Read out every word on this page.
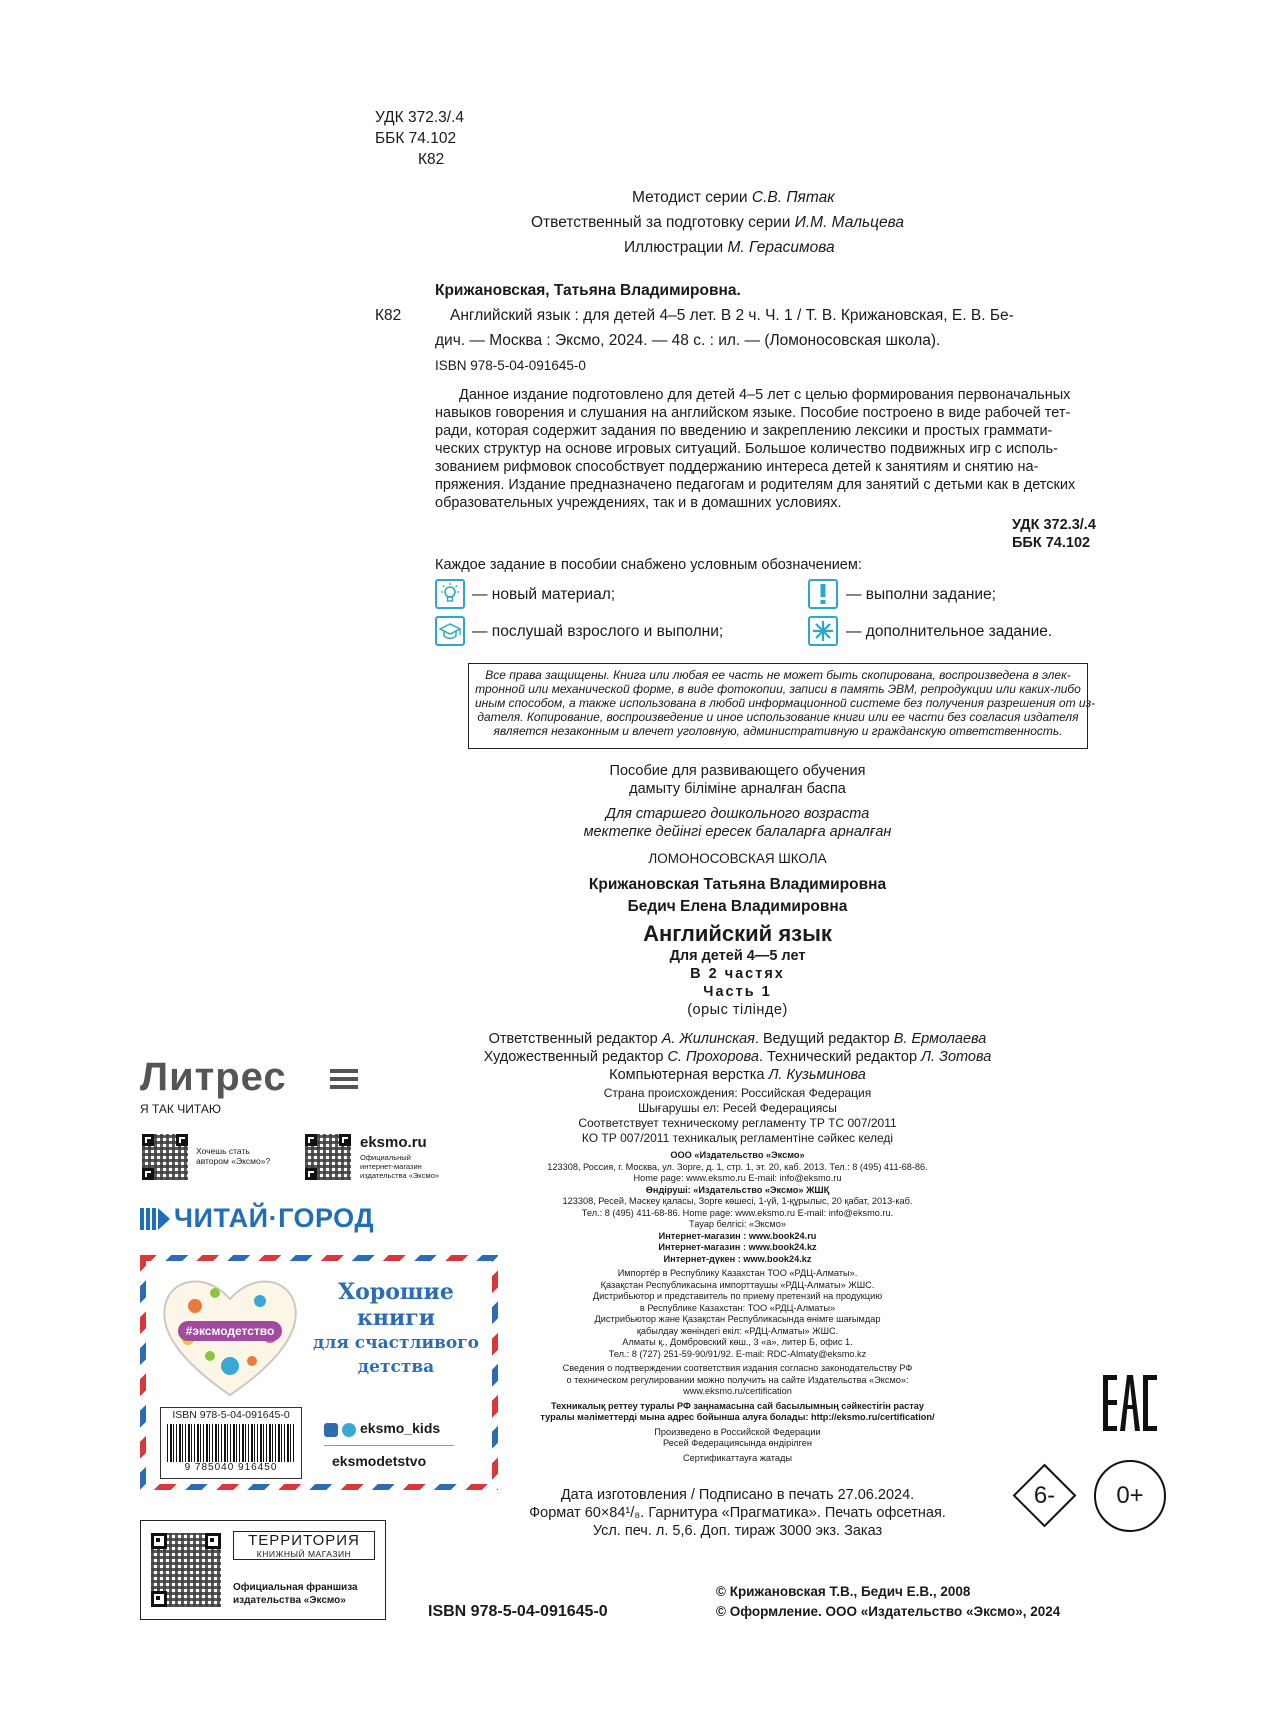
УДК 372.3/.4
ББК 74.102
К82
Методист серии С.В. Пятак
Ответственный за подготовку серии И.М. Мальцева
Иллюстрации М. Герасимова
Крижановская, Татьяна Владимировна.
К82	Английский язык : для детей 4–5 лет. В 2 ч. Ч. 1 / Т. В. Крижановская, Е. В. Бе-
дич. — Москва : Эксмо, 2024. — 48 с. : ил. — (Ломоносовская школа).
ISBN 978-5-04-091645-0
Данное издание подготовлено для детей 4–5 лет с целью формирования первоначальных
навыков говорения и слушания на английском языке. Пособие построено в виде рабочей тет-
ради, которая содержит задания по введению и закреплению лексики и простых граммати-
ческих структур на основе игровых ситуаций. Большое количество подвижных игр с исполь-
зованием рифмовок способствует поддержанию интереса детей к занятиям и снятию на-
пряжения. Издание предназначено педагогам и родителям для занятий с детьми как в детских
образовательных учреждениях, так и в домашних условиях.
УДК 372.3/.4
ББК 74.102
Каждое задание в пособии снабжено условным обозначением:
— новый материал;	— выполни задание;
— послушай взрослого и выполни;	— дополнительное задание.
Все права защищены. Книга или любая ее часть не может быть скопирована, воспроизведена в элек-
тронной или механической форме, в виде фотокопии, записи в память ЭВМ, репродукции или каких-либо
иным способом, а также использована в любой информационной системе без получения разрешения от из-
дателя. Копирование, воспроизведение и иное использование книги или ее части без согласия издателя
является незаконным и влечет уголовную, административную и гражданскую ответственность.
Пособие для развивающего обучения
дамыту біліміне арналған баспа
Для старшего дошкольного возраста
мектепке дейінгі ересек балаларға арналған
ЛОМОНОСОВСКАЯ ШКОЛА
Крижановская Татьяна Владимировна
Бедич Елена Владимировна
Английский язык
Для детей 4—5 лет
В 2 частях
Часть 1
(орыс тілінде)
Ответственный редактор А. Жилинская. Ведущий редактор В. Ермолаева
Художественный редактор С. Прохорова. Технический редактор Л. Зотова
Компьютерная верстка Л. Кузьминова
Страна происхождения: Российская Федерация
Шығарушы ел: Ресей Федерациясы
Соответствует техническому регламенту ТР ТС 007/2011
КО ТР 007/2011 техникалық регламентіне сәйкес келеді
ООО «Издательство «Эксмо»
123308, Россия, г. Москва, ул. Зорге, д. 1, стр. 1, эт. 20, каб. 2013. Тел.: 8 (495) 411-68-86.
Home page: www.eksmo.ru E-mail: info@eksmo.ru
Өндіруші: «Издательство «Эксмо» ЖШҚ
123308, Ресей, Мәскеу қаласы, Зорге көшесі, 1-үй, 1-құрылыс, 20 қабат, 2013-каб.
Тел.: 8 (495) 411-68-86. Home page: www.eksmo.ru E-mail: info@eksmo.ru.
Тауар белгісі: «Эксмо»
Интернет-магазин : www.book24.ru
Интернет-магазин : www.book24.kz
Интернет-дүкен : www.book24.kz
Импортёр в Республику Казахстан ТОО «РДЦ-Алматы».
Қазақстан Республикасына импорттаушы «РДЦ-Алматы» ЖШС.
Дистрибьютор и представитель по приему претензий на продукцию
в Республике Казахстан: ТОО «РДЦ-Алматы»
Дистрибьютор және Қазақстан Республикасында өнімге шағымдар
қабылдау жөніндегі екіл: «РДЦ-Алматы» ЖШС.
Алматы қ., Домбровский көш., 3 «а», литер Б, офис 1.
Тел.: 8 (727) 251-59-90/91/92. E-mail: RDC-Almaty@eksmo.kz
Сведения о подтверждении соответствия издания согласно законодательству РФ
о техническом регулировании можно получить на сайте Издательства «Эксмо»:
www.eksmo.ru/certification
Техникалық реттеу туралы РФ заңнамасына сай басылымның сәйкестігін растау
туралы мәліметтерді мына адрес бойынша алуға болады: http://eksmo.ru/certification/
Произведено в Российской Федерации
Ресей Федерациясында өндірілген
Сертификаттауға жатады
Дата изготовления / Подписано в печать 27.06.2024.
Формат 60×84¹/₈. Гарнитура «Прагматика». Печать офсетная.
Усл. печ. л. 5,6. Доп. тираж 3000 экз. Заказ
6-	0+
© Крижановская Т.В., Бедич Е.В., 2008
© Оформление. ООО «Издательство «Эксмо», 2024
ISBN 978-5-04-091645-0
Литрес
Я ТАК ЧИТАЮ
Хочешь стать автором «Эксмо»?
eksmo.ru
Официальный интернет-магазин издательства «Эксмо»
ЧИТАЙ·ГОРОД
#эксмодетство
Хорошие
книги
для счастливого
детства
ISBN 978-5-04-091645-0
9 785040 916450
eksmo_kids
eksmodetstvo
ТЕРРИТОРИЯ
КНИЖНЫЙ МАГАЗИН
Официальная франшиза
издательства «Эксмо»
